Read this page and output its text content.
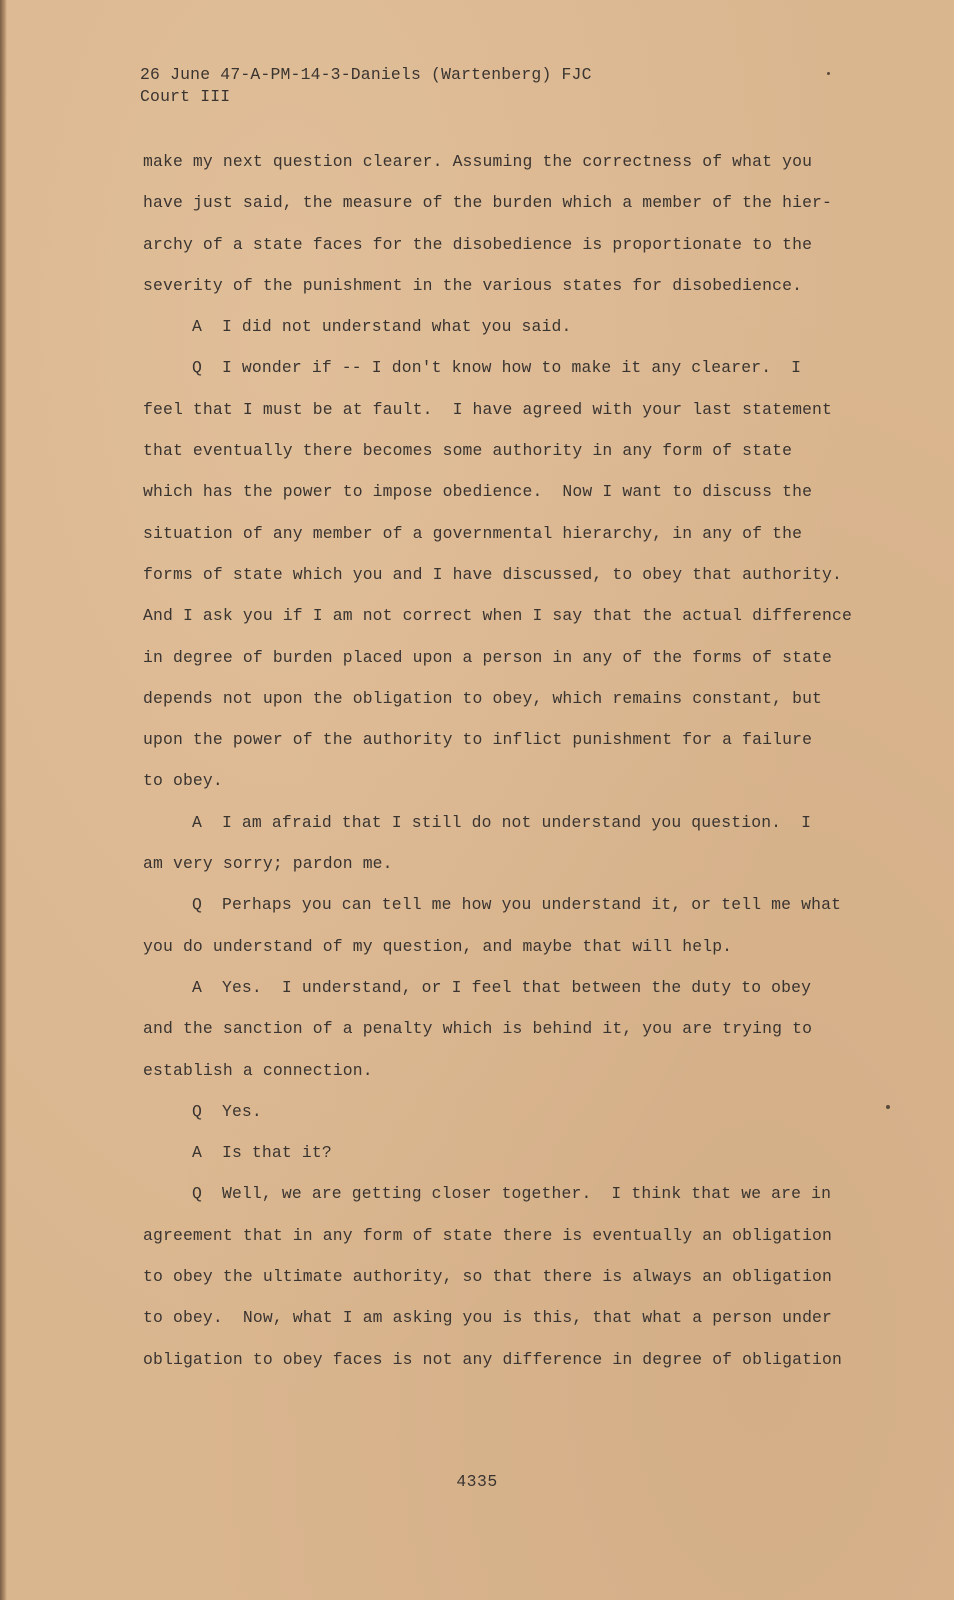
26 June 47-A-PM-14-3-Daniels (Wartenberg) FJC
Court III
make my next question clearer. Assuming the correctness of what you
have just said, the measure of the burden which a member of the hier-
archy of a state faces for the disobedience is proportionate to the
severity of the punishment in the various states for disobedience.
A  I did not understand what you said.
Q  I wonder if -- I don't know how to make it any clearer.  I
feel that I must be at fault.  I have agreed with your last statement
that eventually there becomes some authority in any form of state
which has the power to impose obedience.  Now I want to discuss the
situation of any member of a governmental hierarchy, in any of the
forms of state which you and I have discussed, to obey that authority.
And I ask you if I am not correct when I say that the actual difference
in degree of burden placed upon a person in any of the forms of state
depends not upon the obligation to obey, which remains constant, but
upon the power of the authority to inflict punishment for a failure
to obey.
A  I am afraid that I still do not understand you question.  I
am very sorry; pardon me.
Q  Perhaps you can tell me how you understand it, or tell me what
you do understand of my question, and maybe that will help.
A  Yes.  I understand, or I feel that between the duty to obey
and the sanction of a penalty which is behind it, you are trying to
establish a connection.
Q  Yes.
A  Is that it?
Q  Well, we are getting closer together.  I think that we are in
agreement that in any form of state there is eventually an obligation
to obey the ultimate authority, so that there is always an obligation
to obey.  Now, what I am asking you is this, that what a person under
obligation to obey faces is not any difference in degree of obligation
4335
